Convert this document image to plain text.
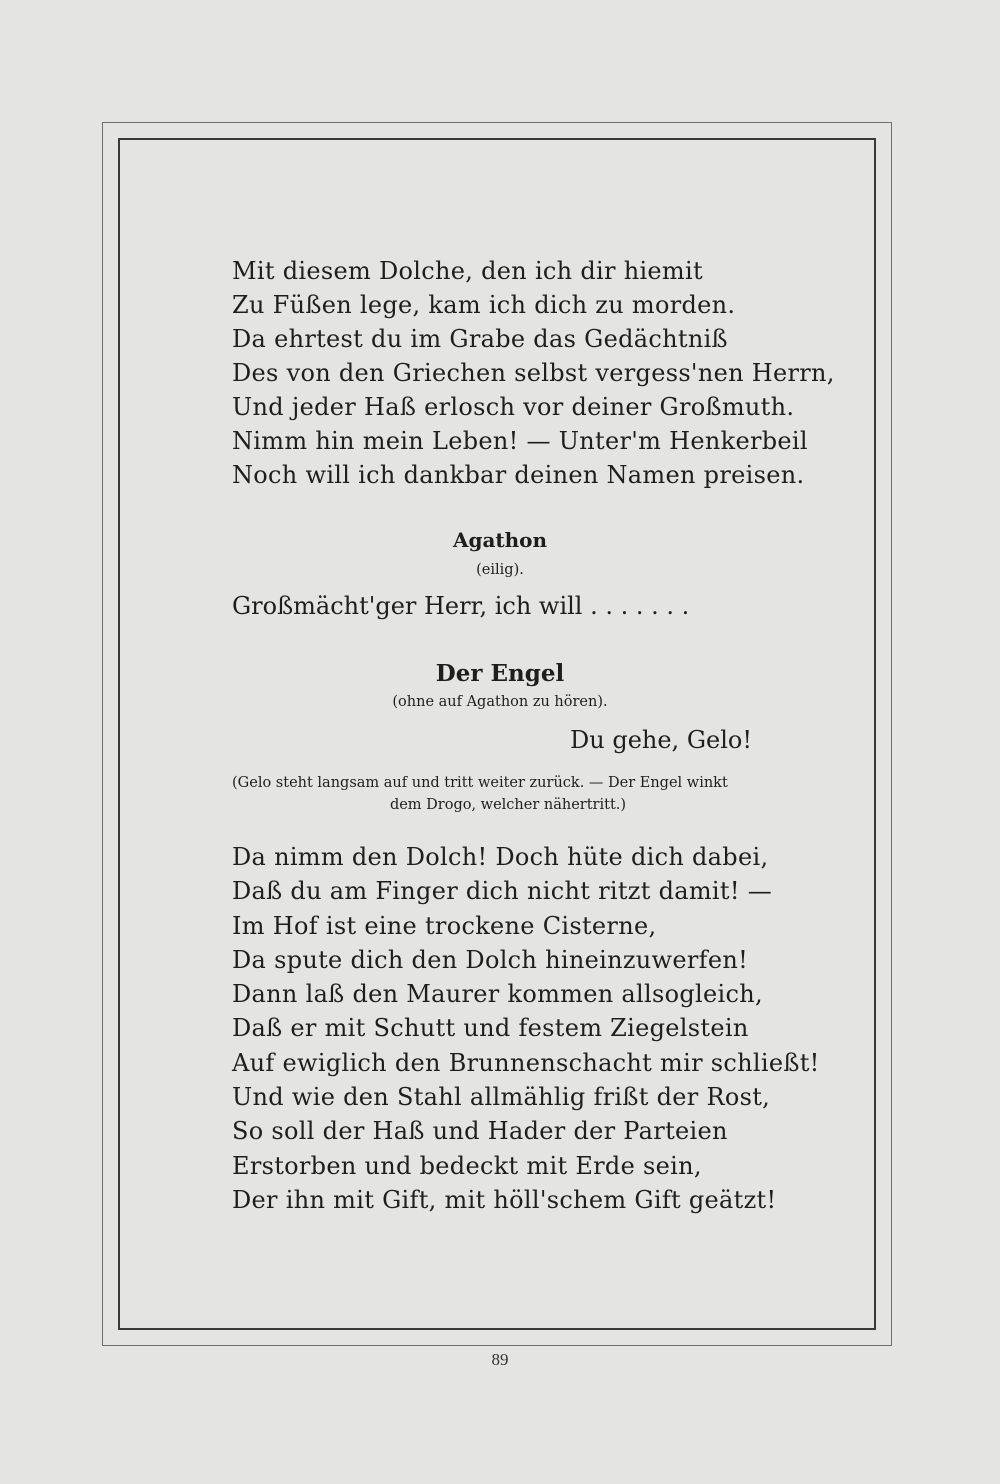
Mit diesem Dolche, den ich dir hiemit
Zu Füßen lege, kam ich dich zu morden.
Da ehrtest du im Grabe das Gedächtniß
Des von den Griechen selbst vergess'nen Herrn,
Und jeder Haß erlosch vor deiner Großmuth.
Nimm hin mein Leben! — Unter'm Henkerbeil
Noch will ich dankbar deinen Namen preisen.
Agathon
(eilig).
Großmächt'ger Herr, ich will . . . . . . .
Der Engel
(ohne auf Agathon zu hören).
Du gehe, Gelo!
(Gelo steht langsam auf und tritt weiter zurück. — Der Engel winkt
dem Drogo, welcher nähertritt.)
Da nimm den Dolch! Doch hüte dich dabei,
Daß du am Finger dich nicht ritzt damit! —
Im Hof ist eine trockene Cisterne,
Da spute dich den Dolch hineinzuwerfen!
Dann laß den Maurer kommen allsogleich,
Daß er mit Schutt und festem Ziegelstein
Auf ewiglich den Brunnenschacht mir schließt!
Und wie den Stahl allmählig frißt der Rost,
So soll der Haß und Hader der Parteien
Erstorben und bedeckt mit Erde sein,
Der ihn mit Gift, mit höll'schem Gift geätzt!
89
